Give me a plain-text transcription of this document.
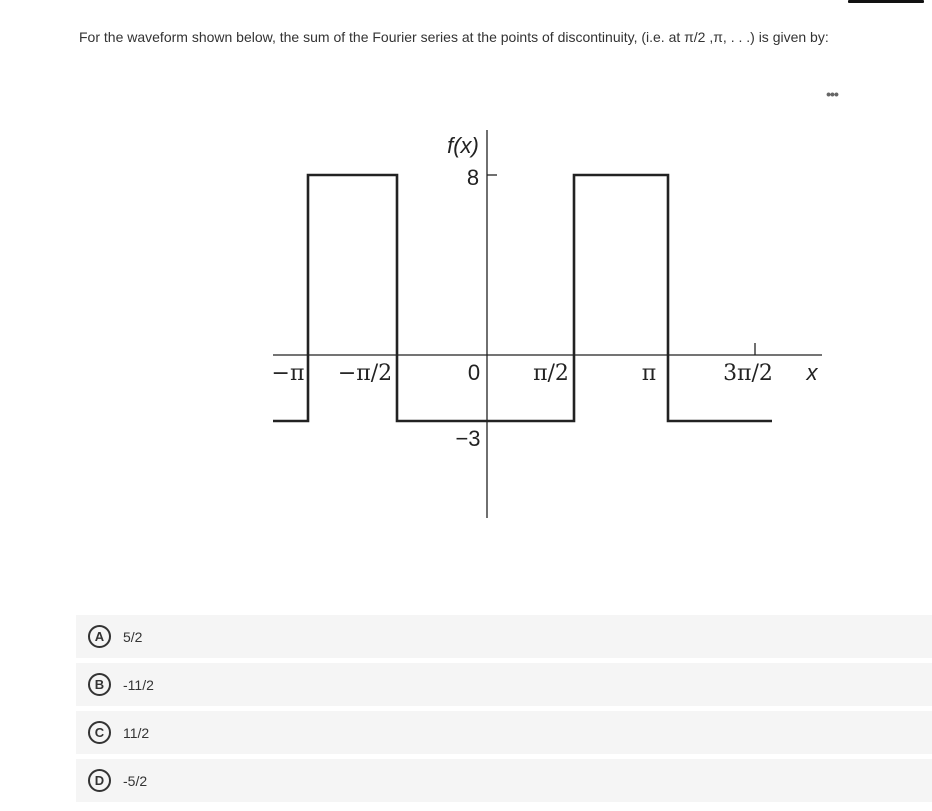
For the waveform shown below, the sum of the Fourier series at the points of discontinuity, (i.e. at π/2 ,π, . . .) is given by:
•••
f(x)
8
−3
0
−π −π/2	π/2	π	3π/2 x
A	5/2
B	-11/2
C	11/2
D	-5/2
